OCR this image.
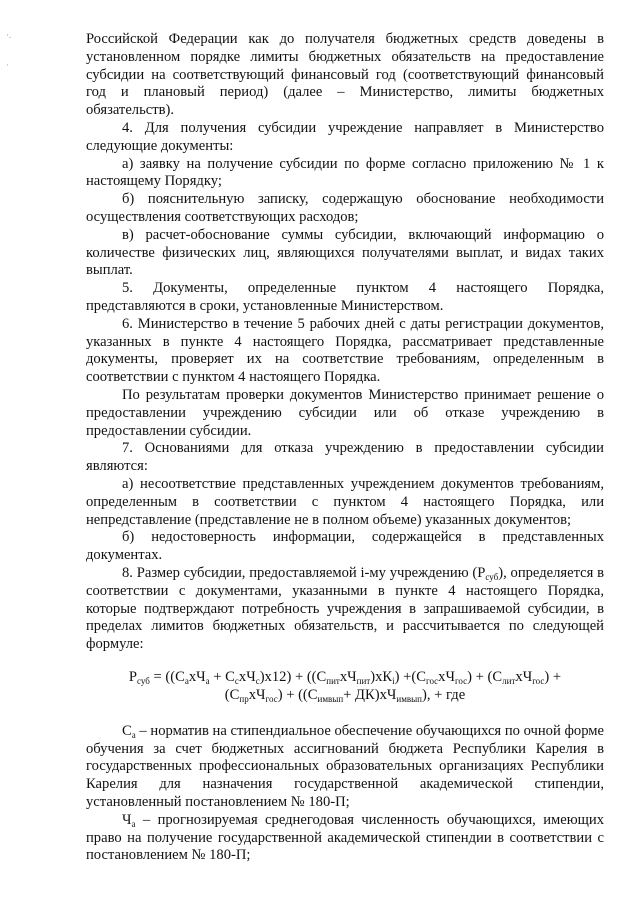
·.
·

Российской Федерации как до получателя бюджетных средств доведены в установленном порядке лимиты бюджетных обязательств на предоставление субсидии на соответствующий финансовый год (соответствующий финансовый год и плановый период) (далее – Министерство, лимиты бюджетных обязательств).

4. Для получения субсидии учреждение направляет в Министерство следующие документы:

а) заявку на получение субсидии по форме согласно приложению № 1 к настоящему Порядку;

б) пояснительную записку, содержащую обоснование необходимости осуществления соответствующих расходов;

в) расчет-обоснование суммы субсидии, включающий информацию о количестве физических лиц, являющихся получателями выплат, и видах таких выплат.

5. Документы, определенные пунктом 4 настоящего Порядка, представляются в сроки, установленные Министерством.

6. Министерство в течение 5 рабочих дней с даты регистрации документов, указанных в пункте 4 настоящего Порядка, рассматривает представленные документы, проверяет их на соответствие требованиям, определенным в соответствии с пунктом 4 настоящего Порядка.

По результатам проверки документов Министерство принимает решение о предоставлении учреждению субсидии или об отказе учреждению в предоставлении субсидии.

7. Основаниями для отказа учреждению в предоставлении субсидии являются:

а) несоответствие представленных учреждением документов требованиям, определенным в соответствии с пунктом 4 настоящего Порядка, или непредставление (представление не в полном объеме) указанных документов;

б) недостоверность информации, содержащейся в представленных документах.

8. Размер субсидии, предоставляемой i-му учреждению $(Р_{суб})$, определяется в соответствии с документами, указанными в пункте 4 настоящего Порядка, которые подтверждают потребность учреждения в запрашиваемой субсидии, в пределах лимитов бюджетных обязательств, и рассчитывается по следующей формуле:

$Р_{суб} = ((С_ахЧ_а + С_схЧ_с)х12) + ((С_{пит}хЧ_{пит})хК_i) +(С_{гос}хЧ_{гос}) + (С_{лит}хЧ_{гос})$ +
$(С_{пр}хЧ_{гос}) + ((С_{имвып}+ ДК)хЧ_{имвып})$, + где

$С_а$ – норматив на стипендиальное обеспечение обучающихся по очной форме обучения за счет бюджетных ассигнований бюджета Республики Карелия в государственных профессиональных образовательных организациях Республики Карелия для назначения государственной академической стипендии, установленный постановлением № 180-П;

$Ч_а$ – прогнозируемая среднегодовая численность обучающихся, имеющих право на получение государственной академической стипендии в соответствии с постановлением № 180-П;
